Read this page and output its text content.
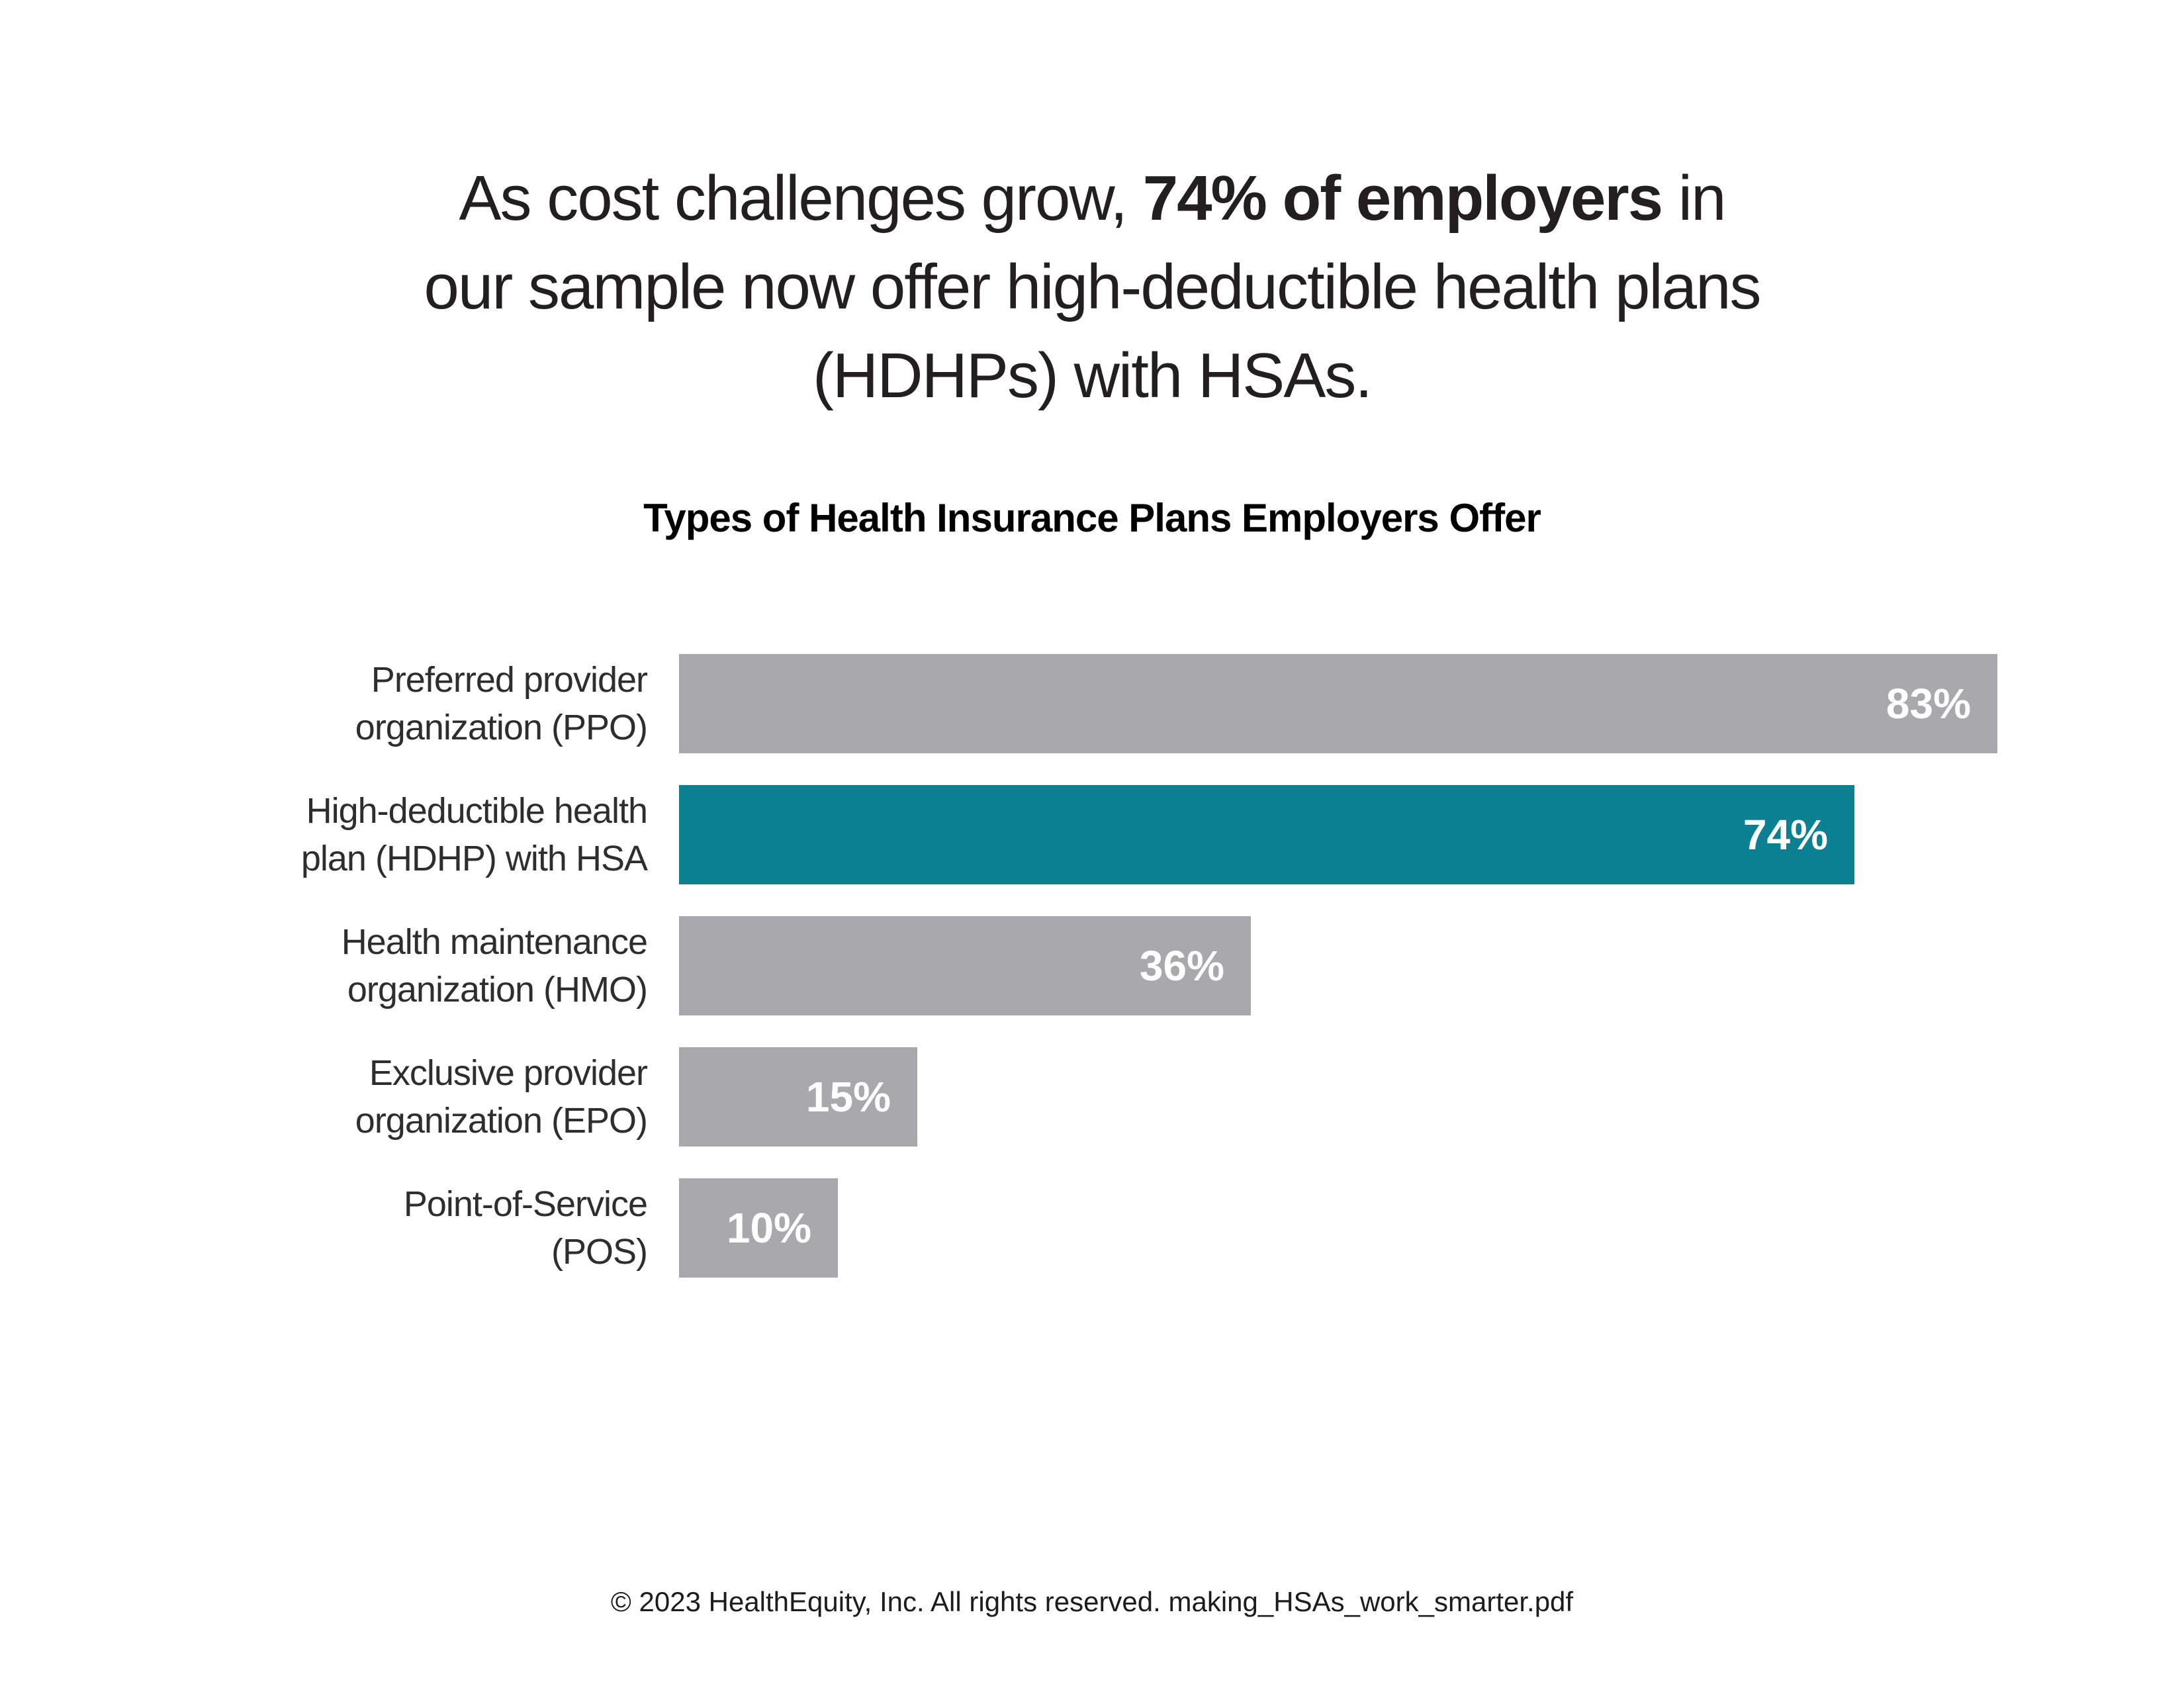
As cost challenges grow, 74% of employers in
our sample now offer high-deductible health plans
(HDHPs) with HSAs.
Types of Health Insurance Plans Employers Offer
Preferred provider
organization (PPO)	83%
High-deductible health
plan (HDHP) with HSA	74%
Health maintenance
organization (HMO)	36%
Exclusive provider
organization (EPO)	15%
Point-of-Service
(POS) 10%
© 2023 HealthEquity, Inc. All rights reserved. making_HSAs_work_smarter.pdf
